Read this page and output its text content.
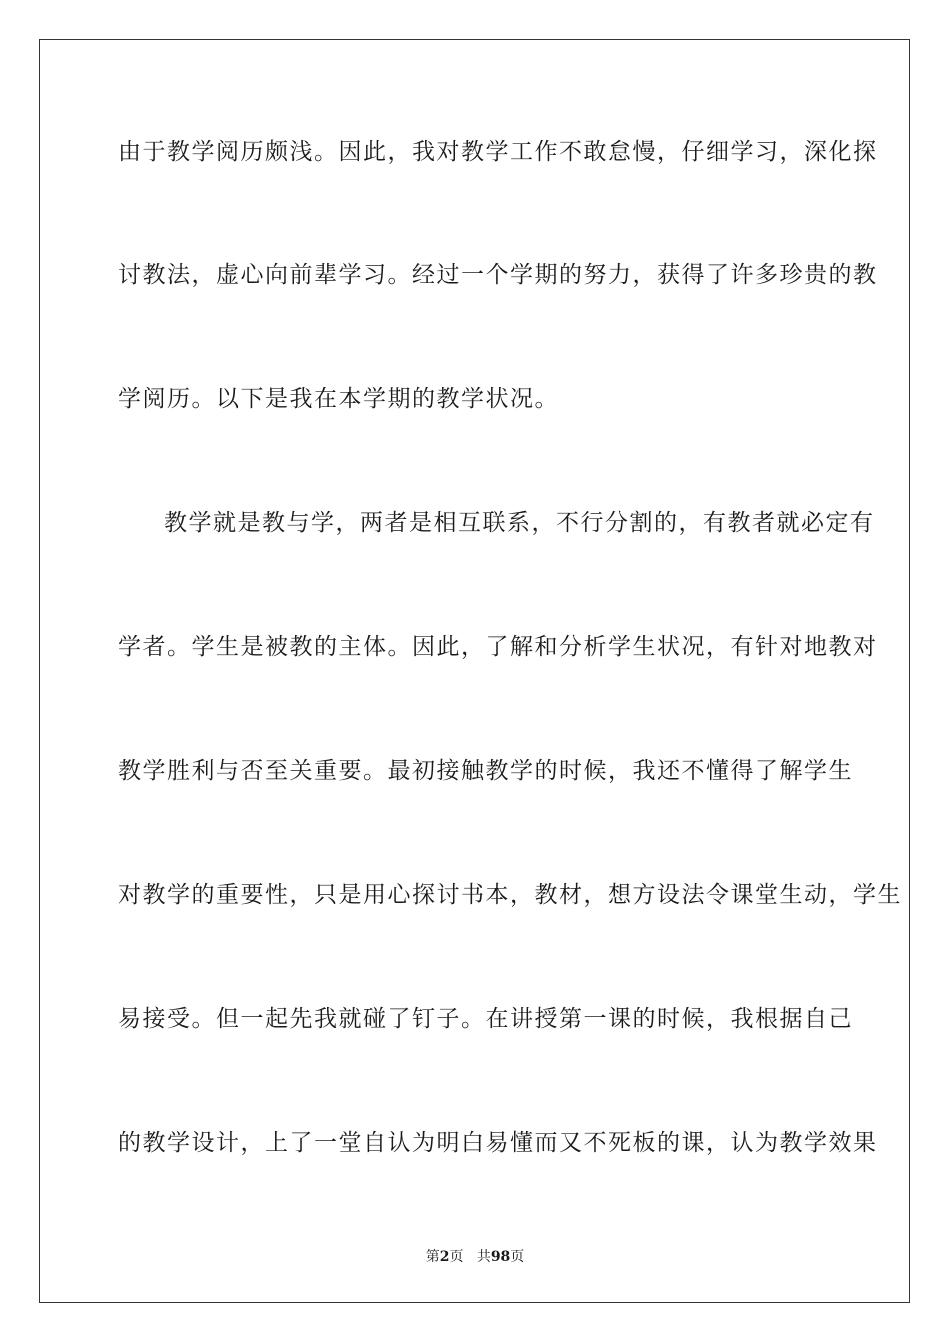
由于教学阅历颇浅。因此，我对教学工作不敢怠慢，仔细学习，深化探
讨教法，虚心向前辈学习。经过一个学期的努力，获得了许多珍贵的教
学阅历。以下是我在本学期的教学状况。
教学就是教与学，两者是相互联系，不行分割的，有教者就必定有
学者。学生是被教的主体。因此，了解和分析学生状况，有针对地教对
教学胜利与否至关重要。最初接触教学的时候，我还不懂得了解学生
对教学的重要性，只是用心探讨书本，教材，想方设法令课堂生动，学生
易接受。但一起先我就碰了钉子。在讲授第一课的时候，我根据自己
的教学设计，上了一堂自认为明白易懂而又不死板的课，认为教学效果
第2页 共98页
